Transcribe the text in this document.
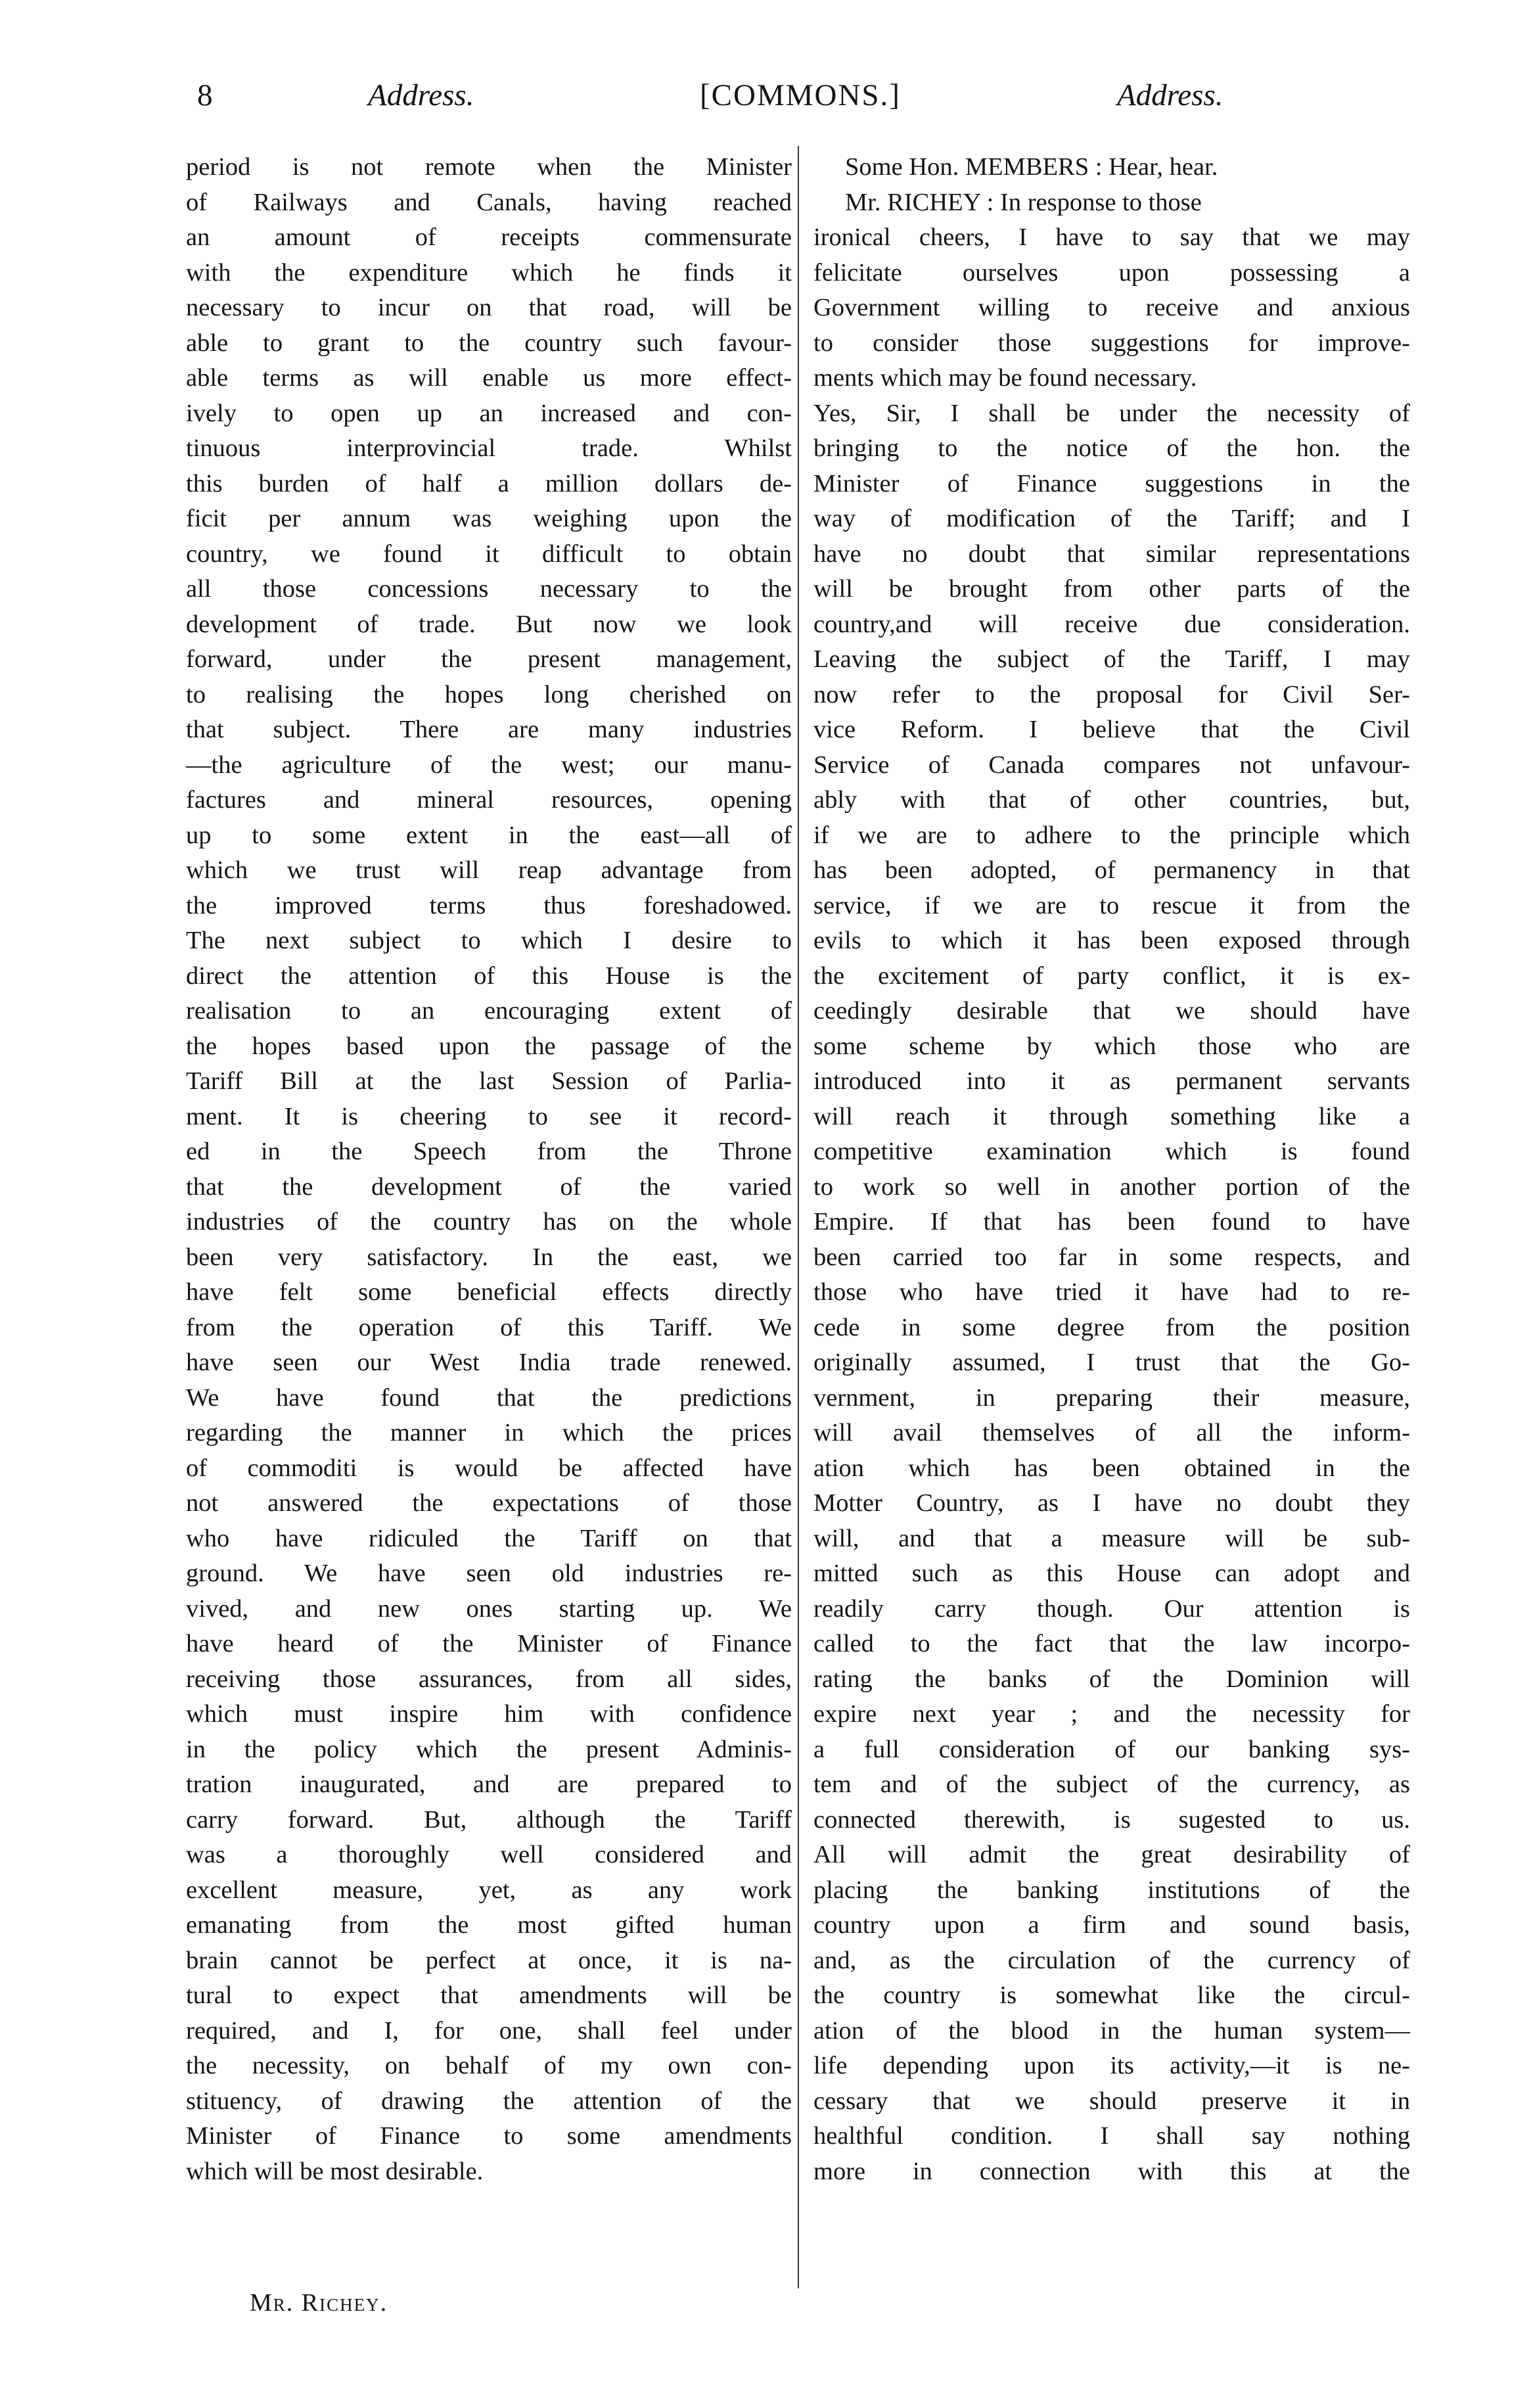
8	Address.	[COMMONS.]	Address.
period is not remote when the Minister
of Railways and Canals, having reached
an amount of receipts commensurate
with the expenditure which he finds it
necessary to incur on that road, will be
able to grant to the country such favour-
able terms as will enable us more effect-
ively to open up an increased and con-
tinuous interprovincial trade. Whilst
this burden of half a million dollars de-
ficit per annum was weighing upon the
country, we found it difficult to obtain
all those concessions necessary to the
development of trade. But now we look
forward, under the present management,
to realising the hopes long cherished on
that subject. There are many industries
—the agriculture of the west; our manu-
factures and mineral resources, opening
up to some extent in the east—all of
which we trust will reap advantage from
the improved terms thus foreshadowed.
The next subject to which I desire to
direct the attention of this House is the
realisation to an encouraging extent of
the hopes based upon the passage of the
Tariff Bill at the last Session of Parlia-
ment. It is cheering to see it record-
ed in the Speech from the Throne
that the development of the varied
industries of the country has on the whole
been very satisfactory. In the east, we
have felt some beneficial effects directly
from the operation of this Tariff. We
have seen our West India trade renewed.
We have found that the predictions
regarding the manner in which the prices
of commoditi is would be affected have
not answered the expectations of those
who have ridiculed the Tariff on that
ground. We have seen old industries re-
vived, and new ones starting up. We
have heard of the Minister of Finance
receiving those assurances, from all sides,
which must inspire him with confidence
in the policy which the present Adminis-
tration inaugurated, and are prepared to
carry forward. But, although the Tariff
was a thoroughly well considered and
excellent measure, yet, as any work
emanating from the most gifted human
brain cannot be perfect at once, it is na-
tural to expect that amendments will be
required, and I, for one, shall feel under
the necessity, on behalf of my own con-
stituency, of drawing the attention of the
Minister of Finance to some amendments
which will be most desirable.
Some Hon. MEMBERS : Hear, hear.
Mr. RICHEY : In response to those
ironical cheers, I have to say that we may
felicitate ourselves upon possessing a
Government willing to receive and anxious
to consider those suggestions for improve-
ments which may be found necessary.
Yes, Sir, I shall be under the necessity of
bringing to the notice of the hon. the
Minister of Finance suggestions in the
way of modification of the Tariff; and I
have no doubt that similar representations
will be brought from other parts of the
country,and will receive due consideration.
Leaving the subject of the Tariff, I may
now refer to the proposal for Civil Ser-
vice Reform. I believe that the Civil
Service of Canada compares not unfavour-
ably with that of other countries, but,
if we are to adhere to the principle which
has been adopted, of permanency in that
service, if we are to rescue it from the
evils to which it has been exposed through
the excitement of party conflict, it is ex-
ceedingly desirable that we should have
some scheme by which those who are
introduced into it as permanent servants
will reach it through something like a
competitive examination which is found
to work so well in another portion of the
Empire. If that has been found to have
been carried too far in some respects, and
those who have tried it have had to re-
cede in some degree from the position
originally assumed, I trust that the Go-
vernment, in preparing their measure,
will avail themselves of all the inform-
ation which has been obtained in the
Motter Country, as I have no doubt they
will, and that a measure will be sub-
mitted such as this House can adopt and
readily carry though. Our attention is
called to the fact that the law incorpo-
rating the banks of the Dominion will
expire next year ; and the necessity for
a full consideration of our banking sys-
tem and of the subject of the currency, as
connected therewith, is sugested to us.
All will admit the great desirability of
placing the banking institutions of the
country upon a firm and sound basis,
and, as the circulation of the currency of
the country is somewhat like the circul-
ation of the blood in the human system—
life depending upon its activity,—it is ne-
cessary that we should preserve it in
healthful condition. I shall say nothing
more in connection with this at the
Mr. Richey.
